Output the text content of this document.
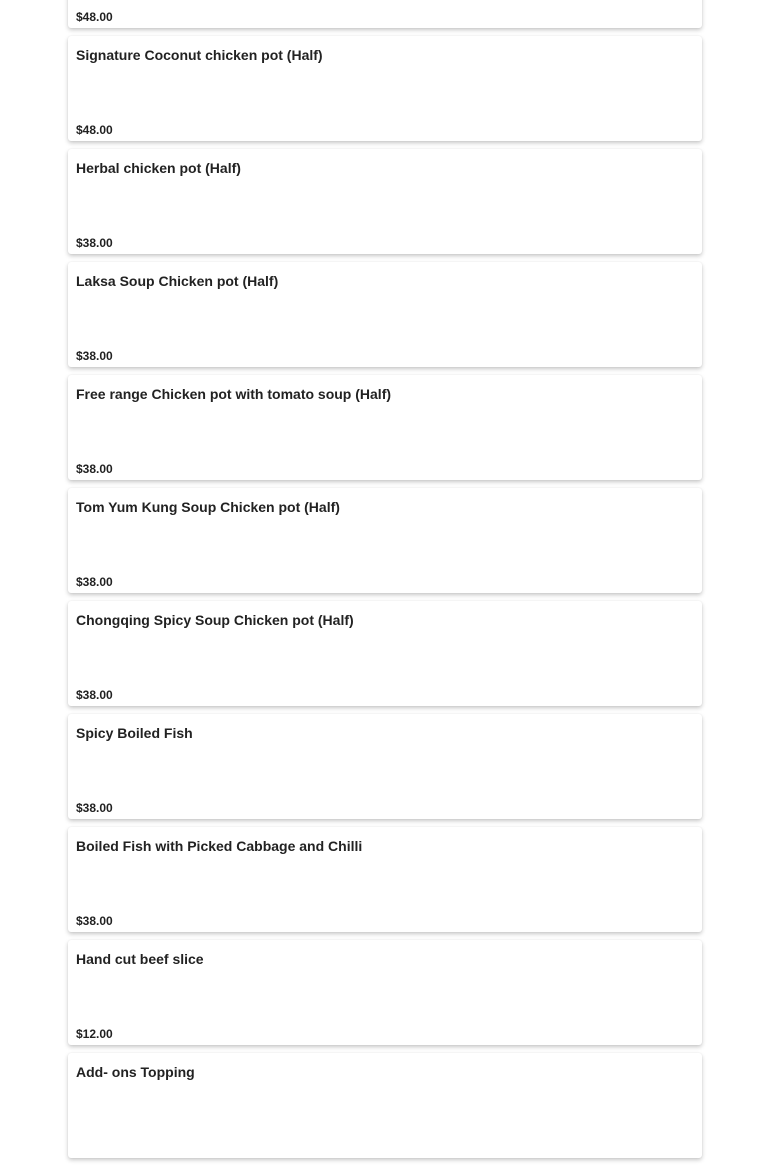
$48.00
Signature Coconut chicken pot (Half)
$48.00
Herbal chicken pot (Half)
$38.00
Laksa Soup Chicken pot (Half)
$38.00
Free range Chicken pot with tomato soup (Half)
$38.00
Tom Yum Kung Soup Chicken pot (Half)
$38.00
Chongqing Spicy Soup Chicken pot (Half)
$38.00
Spicy Boiled Fish
$38.00
Boiled Fish with Picked Cabbage and Chilli
$38.00
Hand cut beef slice
$12.00
Add- ons Topping
